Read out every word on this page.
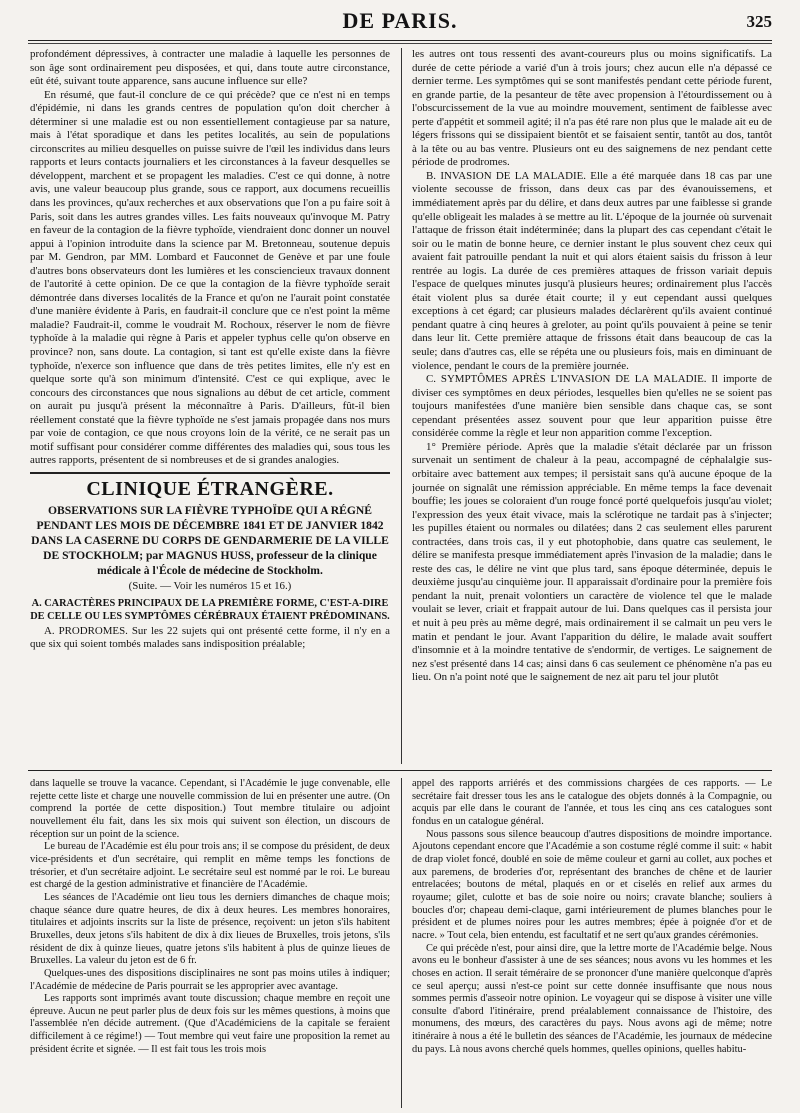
DE PARIS.	325

profondément dépressives, à contracter une maladie à laquelle les personnes de son âge sont ordinairement peu disposées, et qui, dans toute autre circonstance, eût été, suivant toute apparence, sans aucune influence sur elle?

En résumé, que faut-il conclure de ce qui précède? que ce n'est ni en temps d'épidémie, ni dans les grands centres de population qu'on doit chercher à déterminer si une maladie est ou non essentiellement contagieuse par sa nature, mais à l'état sporadique et dans les petites localités, au sein de populations circonscrites au milieu desquelles on puisse suivre de l'œil les individus dans leurs rapports et leurs contacts journaliers et les circonstances à la faveur desquelles se développent, marchent et se propagent les maladies. C'est ce qui donne, à notre avis, une valeur beaucoup plus grande, sous ce rapport, aux documens recueillis dans les provinces, qu'aux recherches et aux observations que l'on a pu faire soit à Paris, soit dans les autres grandes villes. Les faits nouveaux qu'invoque M. Patry en faveur de la contagion de la fièvre typhoïde, viendraient donc donner un nouvel appui à l'opinion introduite dans la science par M. Bretonneau, soutenue depuis par M. Gendron, par MM. Lombard et Fauconnet de Genève et par une foule d'autres bons observateurs dont les lumières et les consciencieux travaux donnent de l'autorité à cette opinion. De ce que la contagion de la fièvre typhoïde serait démontrée dans diverses localités de la France et qu'on ne l'aurait point constatée d'une manière évidente à Paris, en faudrait-il conclure que ce n'est point la même maladie? Faudrait-il, comme le voudrait M. Rochoux, réserver le nom de fièvre typhoïde à la maladie qui règne à Paris et appeler typhus celle qu'on observe en province? non, sans doute. La contagion, si tant est qu'elle existe dans la fièvre typhoïde, n'exerce son influence que dans de très petites limites, elle n'y est en quelque sorte qu'à son minimum d'intensité. C'est ce qui explique, avec le concours des circonstances que nous signalions au début de cet article, comment on aurait pu jusqu'à présent la méconnaître à Paris. D'ailleurs, fût-il bien réellement constaté que la fièvre typhoïde ne s'est jamais propagée dans nos murs par voie de contagion, ce que nous croyons loin de la vérité, ce ne serait pas un motif suffisant pour considérer comme différentes des maladies qui, sous tous les autres rapports, présentent de si nombreuses et de si grandes analogies.

CLINIQUE ÉTRANGÈRE.

OBSERVATIONS SUR LA FIÈVRE TYPHOÏDE QUI A RÉGNÉ PENDANT LES MOIS DE DÉCEMBRE 1841 ET DE JANVIER 1842 DANS LA CASERNE DU CORPS DE GENDARMERIE DE LA VILLE DE STOCKHOLM; par MAGNUS HUSS, professeur de la clinique médicale à l'École de médecine de Stockholm.

(Suite. — Voir les numéros 15 et 16.)

A. CARACTÈRES PRINCIPAUX DE LA PREMIÈRE FORME, C'EST-A-DIRE DE CELLE OU LES SYMPTÔMES CÉRÉBRAUX ÉTAIENT PRÉDOMINANS.

A. PRODROMES. Sur les 22 sujets qui ont présenté cette forme, il n'y en a que six qui soient tombés malades sans indisposition préalable;

les autres ont tous ressenti des avant-coureurs plus ou moins significatifs. La durée de cette période a varié d'un à trois jours; chez aucun elle n'a dépassé ce dernier terme. Les symptômes qui se sont manifestés pendant cette période furent, en grande partie, de la pesanteur de tête avec propension à l'étourdissement ou à l'obscurcissement de la vue au moindre mouvement, sentiment de faiblesse avec perte d'appétit et sommeil agité; il n'a pas été rare non plus que le malade ait eu de légers frissons qui se dissipaient bientôt et se faisaient sentir, tantôt au dos, tantôt à la tête ou au bas ventre. Plusieurs ont eu des saignemens de nez pendant cette période de prodromes.

B. INVASION DE LA MALADIE. Elle a été marquée dans 18 cas par une violente secousse de frisson, dans deux cas par des évanouissemens, et immédiatement après par du délire, et dans deux autres par une faiblesse si grande qu'elle obligeait les malades à se mettre au lit. L'époque de la journée où survenait l'attaque de frisson était indéterminée; dans la plupart des cas cependant c'était le soir ou le matin de bonne heure, ce dernier instant le plus souvent chez ceux qui avaient fait patrouille pendant la nuit et qui alors étaient saisis du frisson à leur rentrée au logis. La durée de ces premières attaques de frisson variait depuis l'espace de quelques minutes jusqu'à plusieurs heures; ordinairement plus l'accès était violent plus sa durée était courte; il y eut cependant aussi quelques exceptions à cet égard; car plusieurs malades déclarèrent qu'ils avaient continué pendant quatre à cinq heures à greloter, au point qu'ils pouvaient à peine se tenir dans leur lit. Cette première attaque de frissons était dans beaucoup de cas la seule; dans d'autres cas, elle se répéta une ou plusieurs fois, mais en diminuant de violence, pendant le cours de la première journée.

C. SYMPTÔMES APRÈS L'INVASION DE LA MALADIE. Il importe de diviser ces symptômes en deux périodes, lesquelles bien qu'elles ne se soient pas toujours manifestées d'une manière bien sensible dans chaque cas, se sont cependant présentées assez souvent pour que leur apparition puisse être considérée comme la règle et leur non apparition comme l'exception.

1° Première période. Après que la maladie s'était déclarée par un frisson survenait un sentiment de chaleur à la peau, accompagné de céphalalgie sus-orbitaire avec battement aux tempes; il persistait sans qu'à aucune époque de la journée on signalât une rémission appréciable. En même temps la face devenait bouffie; les joues se coloraient d'un rouge foncé porté quelquefois jusqu'au violet; l'expression des yeux était vivace, mais la sclérotique ne tardait pas à s'injecter; les pupilles étaient ou normales ou dilatées; dans 2 cas seulement elles parurent contractées, dans trois cas, il y eut photophobie, dans quatre cas seulement, le délire se manifesta presque immédiatement après l'invasion de la maladie; dans le reste des cas, le délire ne vint que plus tard, sans époque déterminée, depuis le deuxième jusqu'au cinquième jour. Il apparaissait d'ordinaire pour la première fois pendant la nuit, prenait volontiers un caractère de violence tel que le malade voulait se lever, criait et frappait autour de lui. Dans quelques cas il persista jour et nuit à peu près au même degré, mais ordinairement il se calmait un peu vers le matin et pendant le jour. Avant l'apparition du délire, le malade avait souffert d'insomnie et à la moindre tentative de s'endormir, de vertiges. Le saignement de nez s'est présenté dans 14 cas; ainsi dans 6 cas seulement ce phénomène n'a pas eu lieu. On n'a point noté que le saignement de nez ait paru tel jour plutôt

dans laquelle se trouve la vacance. Cependant, si l'Académie le juge convenable, elle rejette cette liste et charge une nouvelle commission de lui en présenter une autre. (On comprend la portée de cette disposition.) Tout membre titulaire ou adjoint nouvellement élu fait, dans les six mois qui suivent son élection, un discours de réception sur un point de la science.

Le bureau de l'Académie est élu pour trois ans; il se compose du président, de deux vice-présidents et d'un secrétaire, qui remplit en même temps les fonctions de trésorier, et d'un secrétaire adjoint. Le secrétaire seul est nommé par le roi. Le bureau est chargé de la gestion administrative et financière de l'Académie.

Les séances de l'Académie ont lieu tous les derniers dimanches de chaque mois; chaque séance dure quatre heures, de dix à deux heures. Les membres honoraires, titulaires et adjoints inscrits sur la liste de présence, reçoivent: un jeton s'ils habitent Bruxelles, deux jetons s'ils habitent de dix à dix lieues de Bruxelles, trois jetons, s'ils résident de dix à quinze lieues, quatre jetons s'ils habitent à plus de quinze lieues de Bruxelles. La valeur du jeton est de 6 fr.

Quelques-unes des dispositions disciplinaires ne sont pas moins utiles à indiquer; l'Académie de médecine de Paris pourrait se les approprier avec avantage.

Les rapports sont imprimés avant toute discussion; chaque membre en reçoit une épreuve. Aucun ne peut parler plus de deux fois sur les mêmes questions, à moins que l'assemblée n'en décide autrement. (Que d'Académiciens de la capitale se feraient difficilement à ce régime!) — Tout membre qui veut faire une proposition la remet au président écrite et signée. — Il est fait tous les trois mois

appel des rapports arriérés et des commissions chargées de ces rapports. — Le secrétaire fait dresser tous les ans le catalogue des objets donnés à la Compagnie, ou acquis par elle dans le courant de l'année, et tous les cinq ans ces catalogues sont fondus en un catalogue général.

Nous passons sous silence beaucoup d'autres dispositions de moindre importance. Ajoutons cependant encore que l'Académie a son costume réglé comme il suit: « habit de drap violet foncé, doublé en soie de même couleur et garni au collet, aux poches et aux paremens, de broderies d'or, représentant des branches de chêne et de laurier entrelacées; boutons de métal, plaqués en or et ciselés en relief aux armes du royaume; gilet, culotte et bas de soie noire ou noirs; cravate blanche; souliers à boucles d'or; chapeau demi-claque, garni intérieurement de plumes blanches pour le président et de plumes noires pour les autres membres; épée à poignée d'or et de nacre. » Tout cela, bien entendu, est facultatif et ne sert qu'aux grandes cérémonies.

Ce qui précède n'est, pour ainsi dire, que la lettre morte de l'Académie belge. Nous avons eu le bonheur d'assister à une de ses séances; nous avons vu les hommes et les choses en action. Il serait téméraire de se prononcer d'une manière quelconque d'après ce seul aperçu; aussi n'est-ce point sur cette donnée insuffisante que nous nous sommes permis d'asseoir notre opinion. Le voyageur qui se dispose à visiter une ville consulte d'abord l'itinéraire, prend préalablement connaissance de l'histoire, des monumens, des mœurs, des caractères du pays. Nous avons agi de même; notre itinéraire à nous a été le bulletin des séances de l'Académie, les journaux de médecine du pays. Là nous avons cherché quels hommes, quelles opinions, quelles habitu-
